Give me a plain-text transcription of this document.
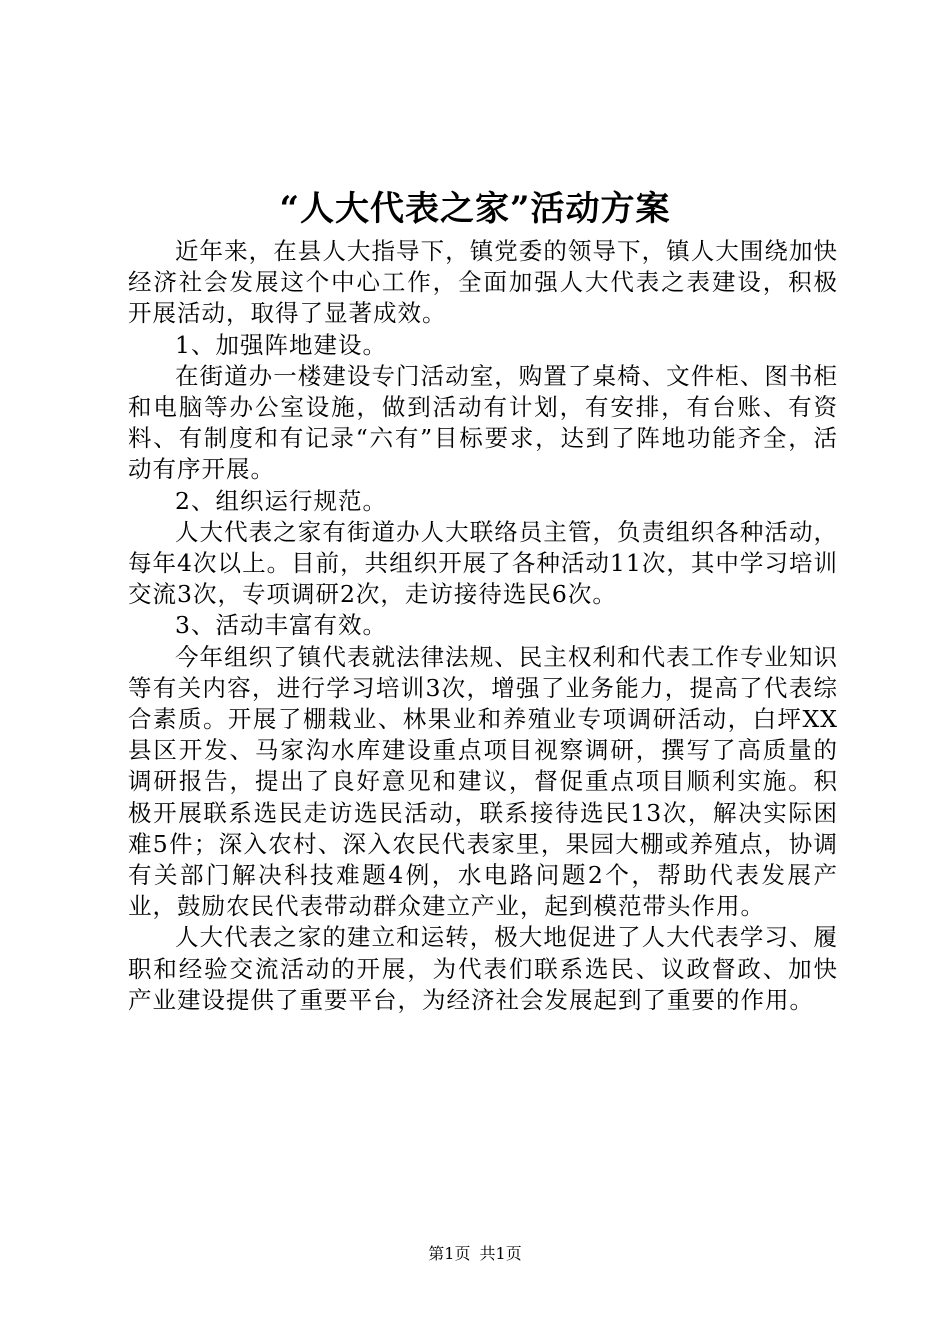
“人大代表之家”活动方案

近年来，在县人大指导下，镇党委的领导下，镇人大围绕加快经济社会发展这个中心工作，全面加强人大代表之表建设，积极开展活动，取得了显著成效。

1、加强阵地建设。

在街道办一楼建设专门活动室，购置了桌椅、文件柜、图书柜和电脑等办公室设施，做到活动有计划，有安排，有台账、有资料、有制度和有记录“六有”目标要求，达到了阵地功能齐全，活动有序开展。

2、组织运行规范。

人大代表之家有街道办人大联络员主管，负责组织各种活动，每年4次以上。目前，共组织开展了各种活动11次，其中学习培训交流3次，专项调研2次，走访接待选民6次。

3、活动丰富有效。

今年组织了镇代表就法律法规、民主权利和代表工作专业知识等有关内容，进行学习培训3次，增强了业务能力，提高了代表综合素质。开展了棚栽业、林果业和养殖业专项调研活动，白坪XX县区开发、马家沟水库建设重点项目视察调研，撰写了高质量的调研报告，提出了良好意见和建议，督促重点项目顺利实施。积极开展联系选民走访选民活动，联系接待选民13次，解决实际困难5件；深入农村、深入农民代表家里，果园大棚或养殖点，协调有关部门解决科技难题4例，水电路问题2个，帮助代表发展产业，鼓励农民代表带动群众建立产业，起到模范带头作用。

人大代表之家的建立和运转，极大地促进了人大代表学习、履职和经验交流活动的开展，为代表们联系选民、议政督政、加快产业建设提供了重要平台，为经济社会发展起到了重要的作用。

第1页 共1页
